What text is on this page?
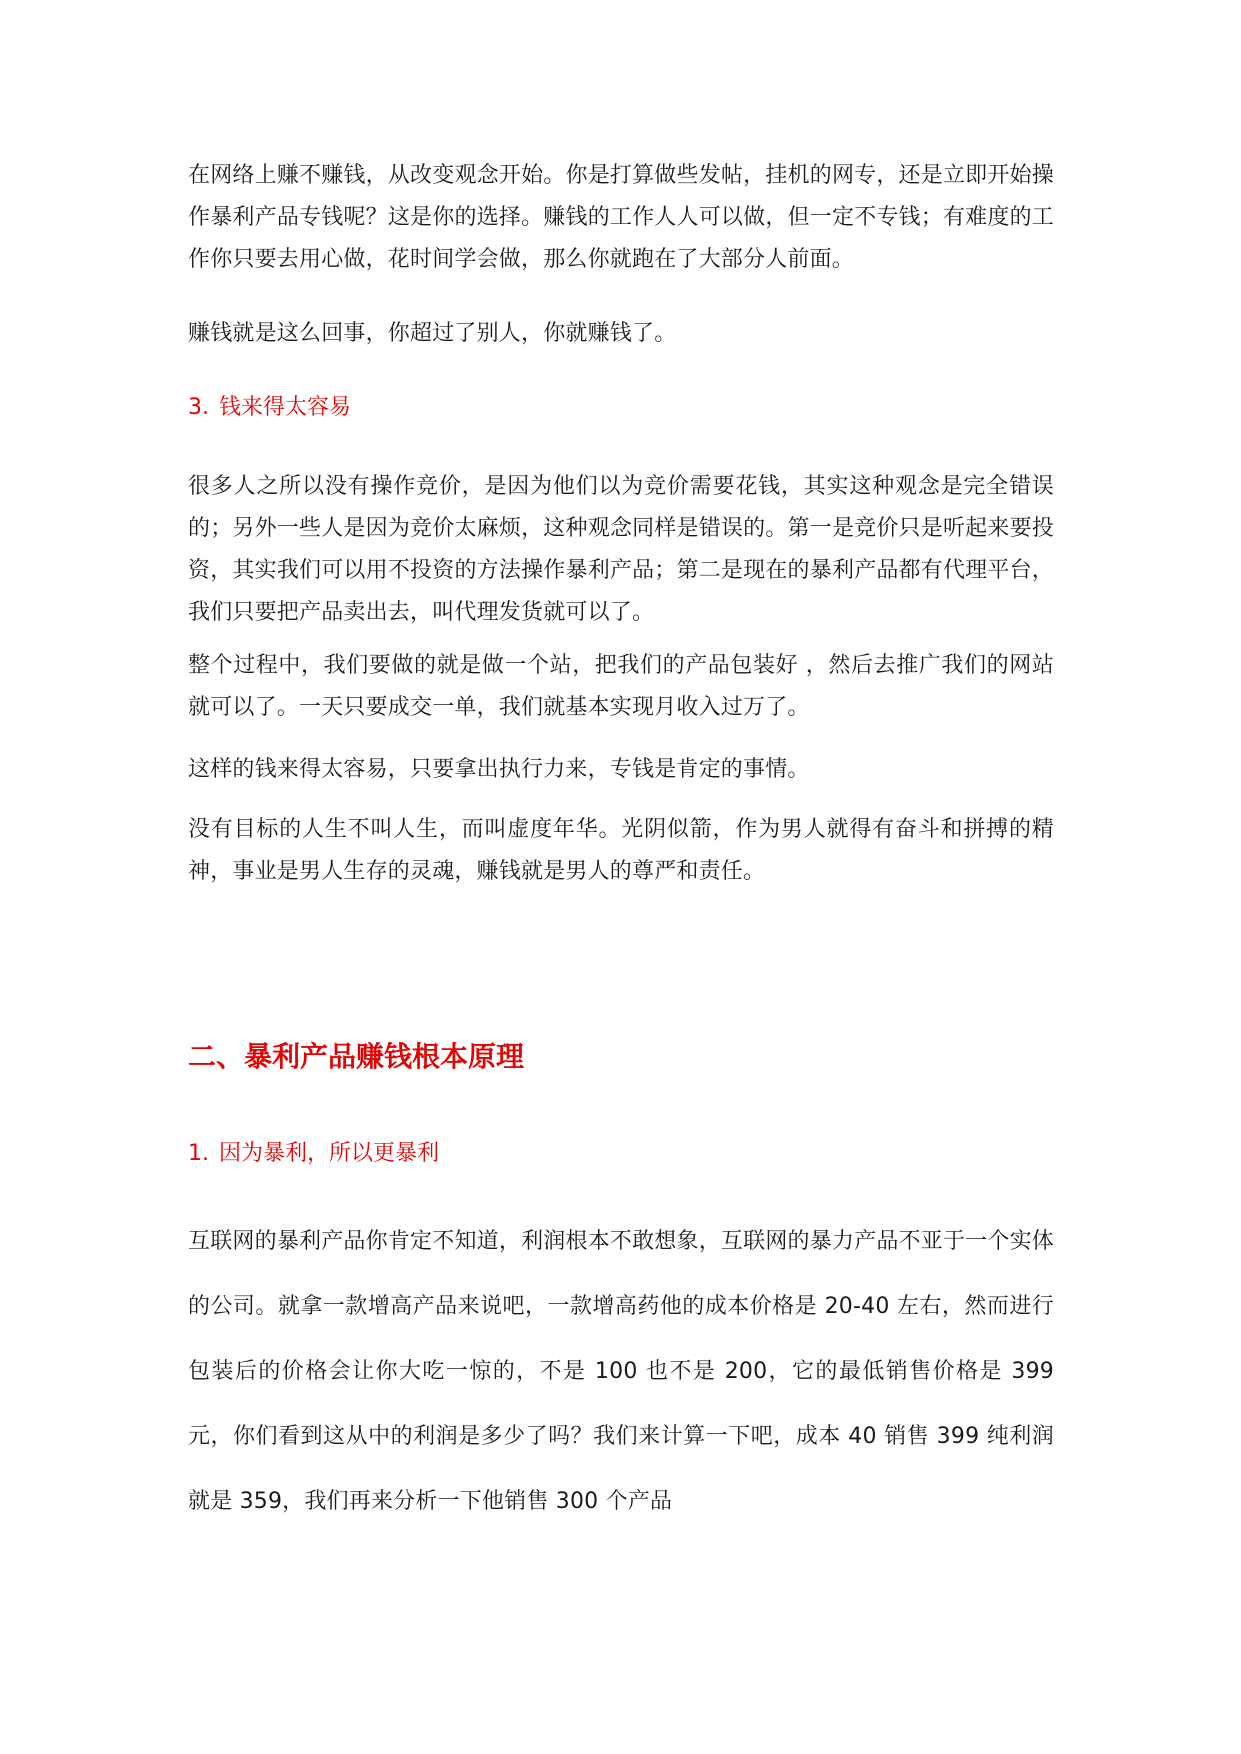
在网络上赚不赚钱，从改变观念开始。你是打算做些发帖，挂机的网专，还是立即开始操作暴利产品专钱呢？这是你的选择。赚钱的工作人人可以做，但一定不专钱；有难度的工作你只要去用心做，花时间学会做，那么你就跑在了大部分人前面。

赚钱就是这么回事，你超过了别人，你就赚钱了。

3. 钱来得太容易

很多人之所以没有操作竞价，是因为他们以为竞价需要花钱，其实这种观念是完全错误的；另外一些人是因为竞价太麻烦，这种观念同样是错误的。第一是竞价只是听起来要投资，其实我们可以用不投资的方法操作暴利产品；第二是现在的暴利产品都有代理平台，我们只要把产品卖出去，叫代理发货就可以了。

整个过程中，我们要做的就是做一个站，把我们的产品包装好 ，然后去推广我们的网站就可以了。一天只要成交一单，我们就基本实现月收入过万了。

这样的钱来得太容易，只要拿出执行力来，专钱是肯定的事情。

没有目标的人生不叫人生，而叫虚度年华。光阴似箭，作为男人就得有奋斗和拼搏的精神，事业是男人生存的灵魂，赚钱就是男人的尊严和责任。

二、暴利产品赚钱根本原理
1. 因为暴利，所以更暴利

互联网的暴利产品你肯定不知道，利润根本不敢想象，互联网的暴力产品不亚于一个实体的公司。就拿一款增高产品来说吧，一款增高药他的成本价格是 20-40 左右，然而进行包装后的价格会让你大吃一惊的，不是 100 也不是 200，它的最低销售价格是 399 元，你们看到这从中的利润是多少了吗？我们来计算一下吧，成本 40 销售 399 纯利润就是 359，我们再来分析一下他销售 300 个产品
